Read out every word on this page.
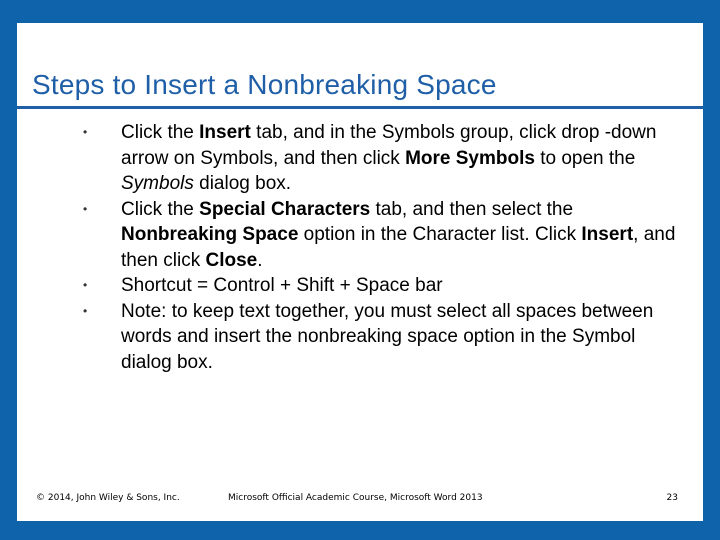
Steps to Insert a Nonbreaking Space
• Click the Insert tab, and in the Symbols group, click drop -down arrow on Symbols, and then click More Symbols to open the Symbols dialog box.
• Click the Special Characters tab, and then select the Nonbreaking Space option in the Character list. Click Insert, and then click Close.
• Shortcut = Control + Shift + Space bar
• Note: to keep text together, you must select all spaces between words and insert the nonbreaking space option in the Symbol dialog box.
© 2014, John Wiley & Sons, Inc.	Microsoft Official Academic Course, Microsoft Word 2013	23
